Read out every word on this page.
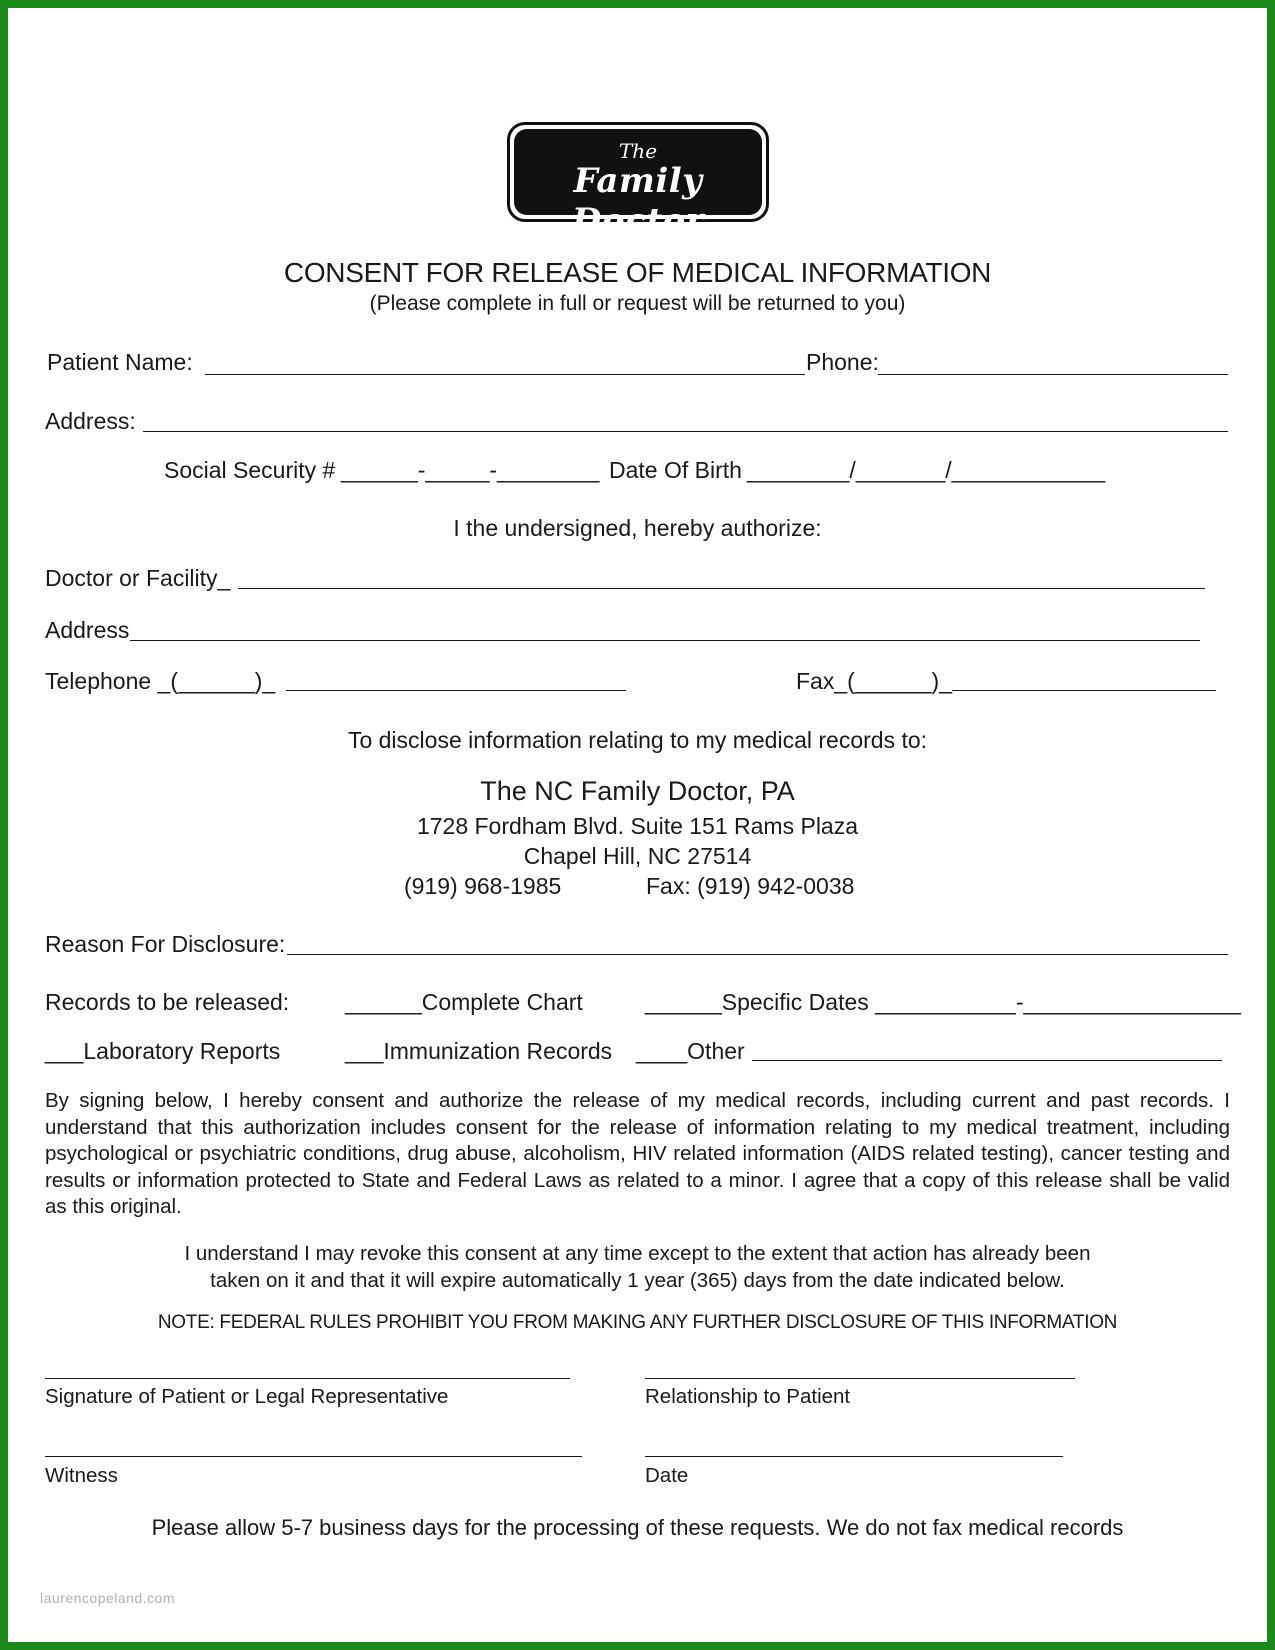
The
Family Doctor
CONSENT FOR RELEASE OF MEDICAL INFORMATION
(Please complete in full or request will be returned to you)
Patient Name:	Phone:
Address:
Social Security # ______-_____-________ Date Of Birth ________/_______/____________
I the undersigned, hereby authorize:
Doctor or Facility_
Address
Telephone _(______)_	Fax_(______)_
To disclose information relating to my medical records to:
The NC Family Doctor, PA
1728 Fordham Blvd. Suite 151 Rams Plaza
Chapel Hill, NC 27514
(919) 968-1985	Fax: (919) 942-0038
Reason For Disclosure:
Records to be released: ______Complete Chart	______Specific Dates ___________-_________________
___Laboratory Reports	___Immunization Records ____Other
By signing below, I hereby consent and authorize the release of my medical records, including current and past records. I understand that this authorization includes consent for the release of information relating to my medical treatment, including psychological or psychiatric conditions, drug abuse, alcoholism, HIV related information (AIDS related testing), cancer testing and results or information protected to State and Federal Laws as related to a minor. I agree that a copy of this release shall be valid as this original.
I understand I may revoke this consent at any time except to the extent that action has already been
taken on it and that it will expire automatically 1 year (365) days from the date indicated below.
NOTE: FEDERAL RULES PROHIBIT YOU FROM MAKING ANY FURTHER DISCLOSURE OF THIS INFORMATION
Signature of Patient or Legal Representative	Relationship to Patient
Witness	Date
Please allow 5-7 business days for the processing of these requests. We do not fax medical records
laurencopeland.com
